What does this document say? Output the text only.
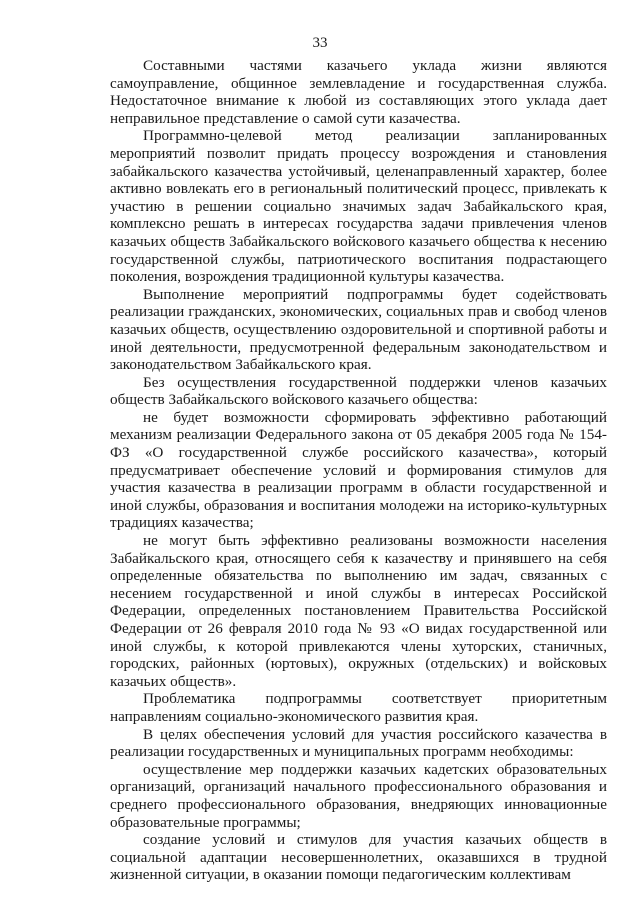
33

Составными частями казачьего уклада жизни являются самоуправление, общинное землевладение и государственная служба. Недостаточное внимание к любой из составляющих этого уклада дает неправильное представление о самой сути казачества.

Программно-целевой метод реализации запланированных мероприятий позволит придать процессу возрождения и становления забайкальского казачества устойчивый, целенаправленный характер, более активно вовлекать его в региональный политический процесс, привлекать к участию в решении социально значимых задач Забайкальского края, комплексно решать в интересах государства задачи привлечения членов казачьих обществ Забайкальского войскового казачьего общества к несению государственной службы, патриотического воспитания подрастающего поколения, возрождения традиционной культуры казачества.

Выполнение мероприятий подпрограммы будет содействовать реализации гражданских, экономических, социальных прав и свобод членов казачьих обществ, осуществлению оздоровительной и спортивной работы и иной деятельности, предусмотренной федеральным законодательством и законодательством Забайкальского края.

Без осуществления государственной поддержки членов казачьих обществ Забайкальского войскового казачьего общества:

не будет возможности сформировать эффективно работающий механизм реализации Федерального закона от 05 декабря 2005 года № 154-ФЗ «О государственной службе российского казачества», который предусматривает обеспечение условий и формирования стимулов для участия казачества в реализации программ в области государственной и иной службы, образования и воспитания молодежи на историко-культурных традициях казачества;

не могут быть эффективно реализованы возможности населения Забайкальского края, относящего себя к казачеству и принявшего на себя определенные обязательства по выполнению им задач, связанных с несением государственной и иной службы в интересах Российской Федерации, определенных постановлением Правительства Российской Федерации от 26 февраля 2010 года № 93 «О видах государственной или иной службы, к которой привлекаются члены хуторских, станичных, городских, районных (юртовых), окружных (отдельских) и войсковых казачьих обществ».

Проблематика подпрограммы соответствует приоритетным направлениям социально-экономического развития края.

В целях обеспечения условий для участия российского казачества в реализации государственных и муниципальных программ необходимы:

осуществление мер поддержки казачьих кадетских образовательных организаций, организаций начального профессионального образования и среднего профессионального образования, внедряющих инновационные образовательные программы;

создание условий и стимулов для участия казачьих обществ в социальной адаптации несовершеннолетних, оказавшихся в трудной жизненной ситуации, в оказании помощи педагогическим коллективам
